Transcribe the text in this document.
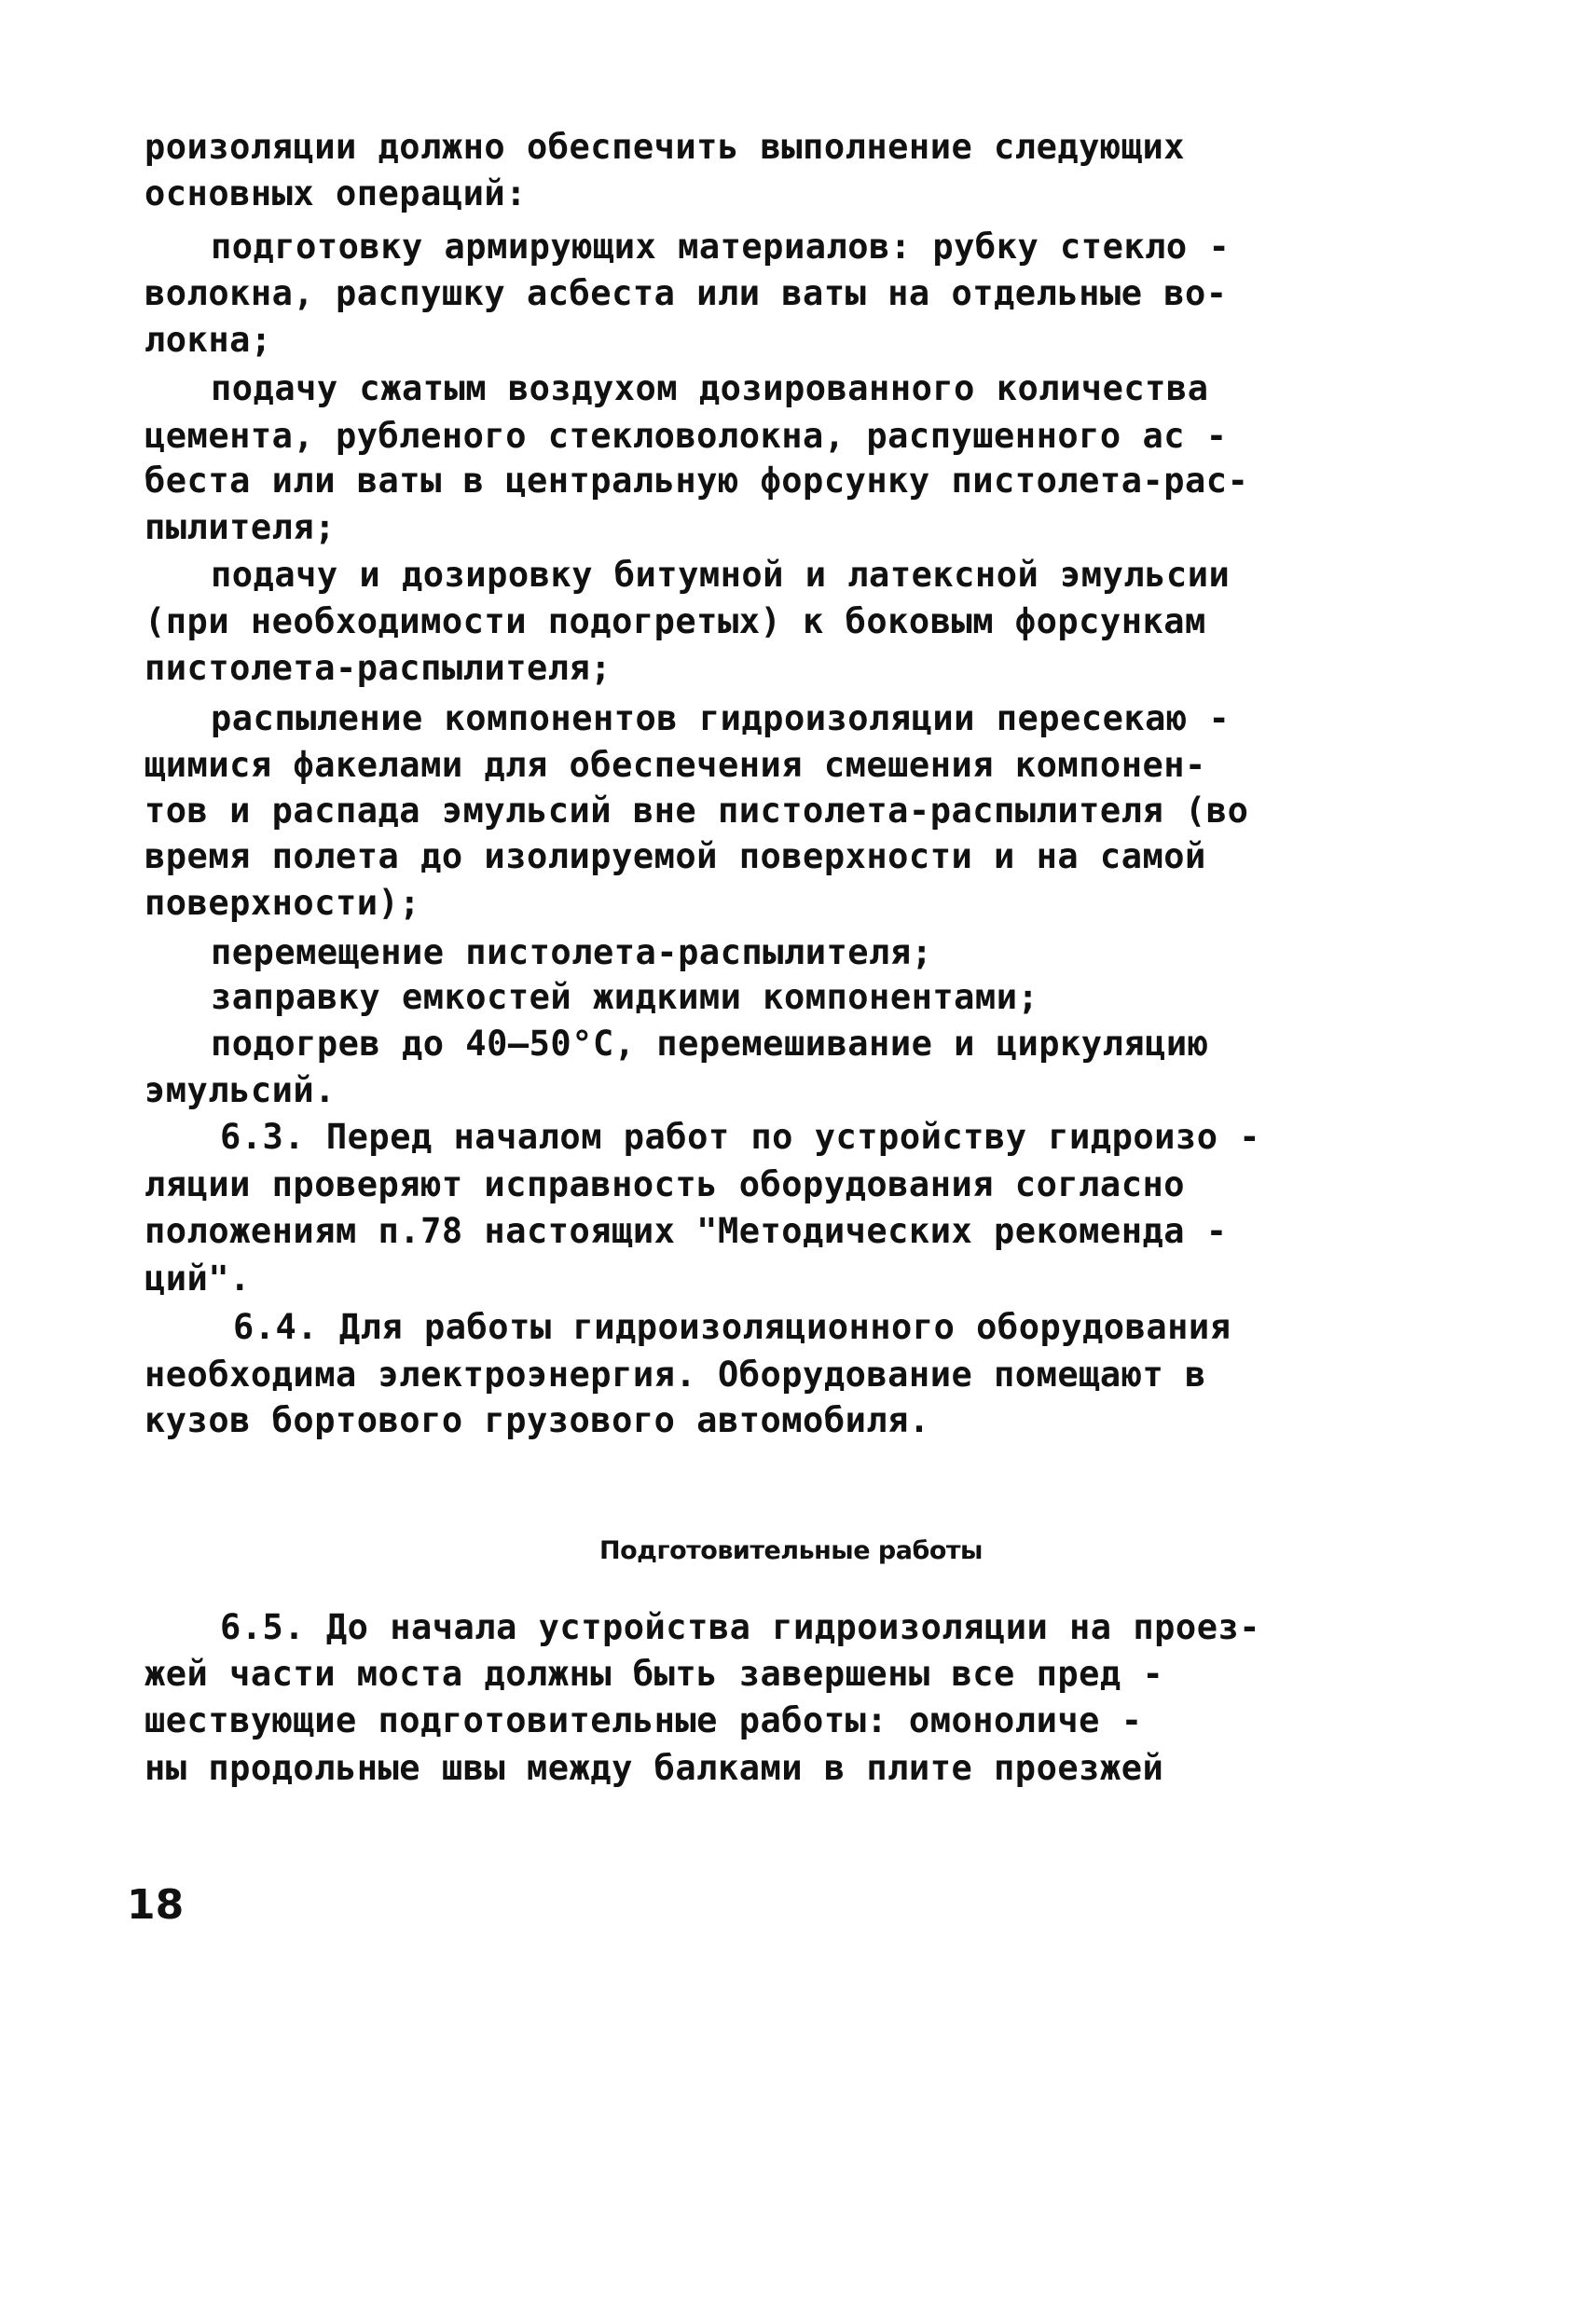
роизоляции должно обеспечить выполнение следующих
основных операций:
подготовку армирующих материалов: рубку стекло -
волокна, распушку асбеста или ваты на отдельные во-
локна;
подачу сжатым воздухом дозированного количества
цемента, рубленого стекловолокна, распушенного ас -
беста или ваты в центральную форсунку пистолета-рас-
пылителя;
подачу и дозировку битумной и латексной эмульсии
(при необходимости подогретых) к боковым форсункам
пистолета-распылителя;
распыление компонентов гидроизоляции пересекаю -
щимися факелами для обеспечения смешения компонен-
тов и распада эмульсий вне пистолета-распылителя (во
время полета до изолируемой поверхности и на самой
поверхности);
перемещение пистолета-распылителя;
заправку емкостей жидкими компонентами;
подогрев до 40–50°С, перемешивание и циркуляцию
эмульсий.
6.3. Перед началом работ по устройству гидроизо -
ляции проверяют исправность оборудования согласно
положениям п.78 настоящих "Методических рекоменда -
ций".
6.4. Для работы гидроизоляционного оборудования
необходима электроэнергия. Оборудование помещают в
кузов бортового грузового автомобиля.
Подготовительные работы
6.5. До начала устройства гидроизоляции на проез-
жей части моста должны быть завершены все пред -
шествующие подготовительные работы: омоноличе -
ны продольные швы между балками в плите проезжей
18
